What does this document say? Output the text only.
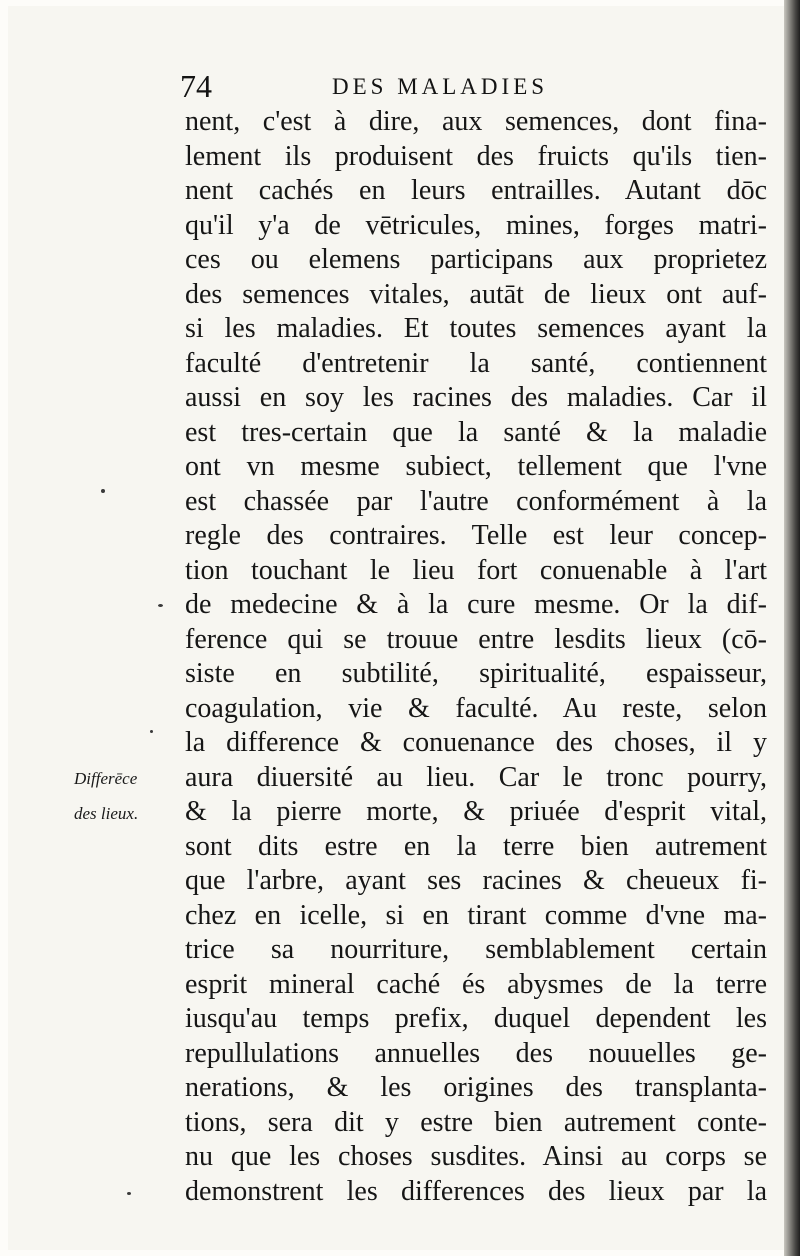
74	DES MALADIES
Differēce
des lieux.
nent, c'est à dire, aux semences, dont fina-
lement ils produisent des fruicts qu'ils tien-
nent cachés en leurs entrailles. Autant dōc
qu'il y'a de vētricules, mines, forges matri-
ces ou elemens participans aux proprietez
des semences vitales, autāt de lieux ont auf-
si les maladies. Et toutes semences ayant la
faculté d'entretenir la santé, contiennent
aussi en soy les racines des maladies. Car il
est tres-certain que la santé & la maladie
ont vn mesme subiect, tellement que l'vne
est chassée par l'autre conformément à la
regle des contraires. Telle est leur concep-
tion touchant le lieu fort conuenable à l'art
de medecine & à la cure mesme. Or la dif-
ference qui se trouue entre lesdits lieux (cō-
siste en subtilité, spiritualité, espaisseur,
coagulation, vie & faculté. Au reste, selon
la difference & conuenance des choses, il y
aura diuersité au lieu. Car le tronc pourry,
& la pierre morte, & priuée d'esprit vital,
sont dits estre en la terre bien autrement
que l'arbre, ayant ses racines & cheueux fi-
chez en icelle, si en tirant comme d'vne ma-
trice sa nourriture, semblablement certain
esprit mineral caché és abysmes de la terre
iusqu'au temps prefix, duquel dependent les
repullulations annuelles des nouuelles ge-
nerations, & les origines des transplanta-
tions, sera dit y estre bien autrement conte-
nu que les choses susdites. Ainsi au corps se
demonstrent les differences des lieux par la
